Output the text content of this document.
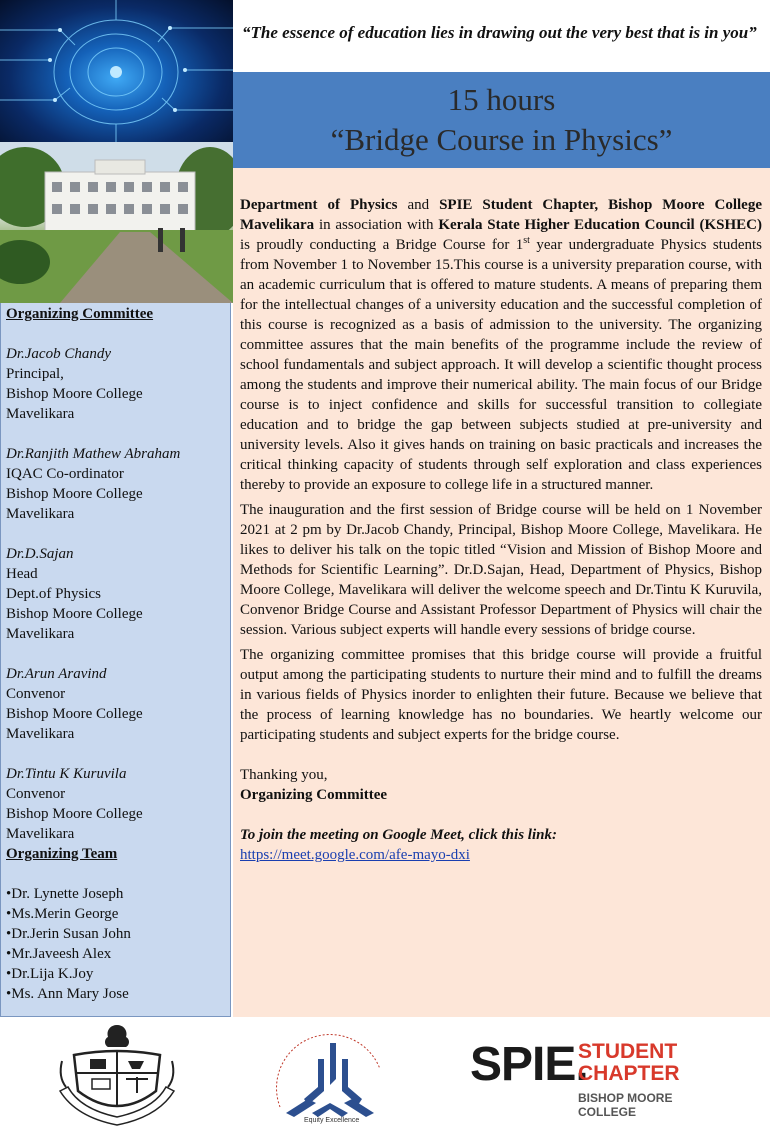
Organizing Committee
Dr.Jacob Chandy
Principal,
Bishop Moore College
Mavelikara
Dr.Ranjith Mathew Abraham
IQAC Co-ordinator
Bishop Moore College
Mavelikara
Dr.D.Sajan
Head
Dept.of Physics
Bishop Moore College
Mavelikara
Dr.Arun Aravind
Convenor
Bishop Moore College
Mavelikara
Dr.Tintu K Kuruvila
Convenor
Bishop Moore College
Mavelikara
Organizing Team
•Dr. Lynette Joseph
•Ms.Merin George
•Dr.Jerin Susan John
•Mr.Javeesh Alex
•Dr.Lija K.Joy
•Ms. Ann Mary Jose
“The essence of education lies in drawing out the very best that is in you”
15 hours
“Bridge Course in Physics”

Department of Physics and SPIE Student Chapter, Bishop Moore College Mavelikara in association with Kerala State Higher Education Council (KSHEC) is proudly conducting a Bridge Course for 1st year undergraduate Physics students from November 1 to November 15.This course is a university preparation course, with an academic curriculum that is offered to mature students. A means of preparing them for the intellectual changes of a university education and the successful completion of this course is recognized as a basis of admission to the university. The organizing committee assures that the main benefits of the programme include the review of school fundamentals and subject approach. It will develop a scientific thought process among the students and improve their numerical ability. The main focus of our Bridge course is to inject confidence and skills for successful transition to collegiate education and to bridge the gap between subjects studied at pre-university and university levels. Also it gives hands on training on basic practicals and increases the critical thinking capacity of students through self exploration and class experiences thereby to provide an exposure to college life in a structured manner.

The inauguration and the first session of Bridge course will be held on 1 November 2021 at 2 pm by Dr.Jacob Chandy, Principal, Bishop Moore College, Mavelikara. He likes to deliver his talk on the topic titled “Vision and Mission of Bishop Moore and Methods for Scientific Learning”. Dr.D.Sajan, Head, Department of Physics, Bishop Moore College, Mavelikara will deliver the welcome speech and Dr.Tintu K Kuruvila, Convenor Bridge Course and Assistant Professor Department of Physics will chair the session. Various subject experts will handle every sessions of bridge course.

The organizing committee promises that this bridge course will provide a fruitful output among the participating students to nurture their mind and to fulfill the dreams in various fields of Physics inorder to enlighten their future. Because we believe that the process of learning knowledge has no boundaries. We heartly welcome our participating students and subject experts for the bridge course.

Thanking you,
Organizing Committee
To join the meeting on Google Meet, click this link:
https://meet.google.com/afe-mayo-dxi
Equity Excellence
SPIE.
STUDENT
CHAPTER
BISHOP MOORE COLLEGE
